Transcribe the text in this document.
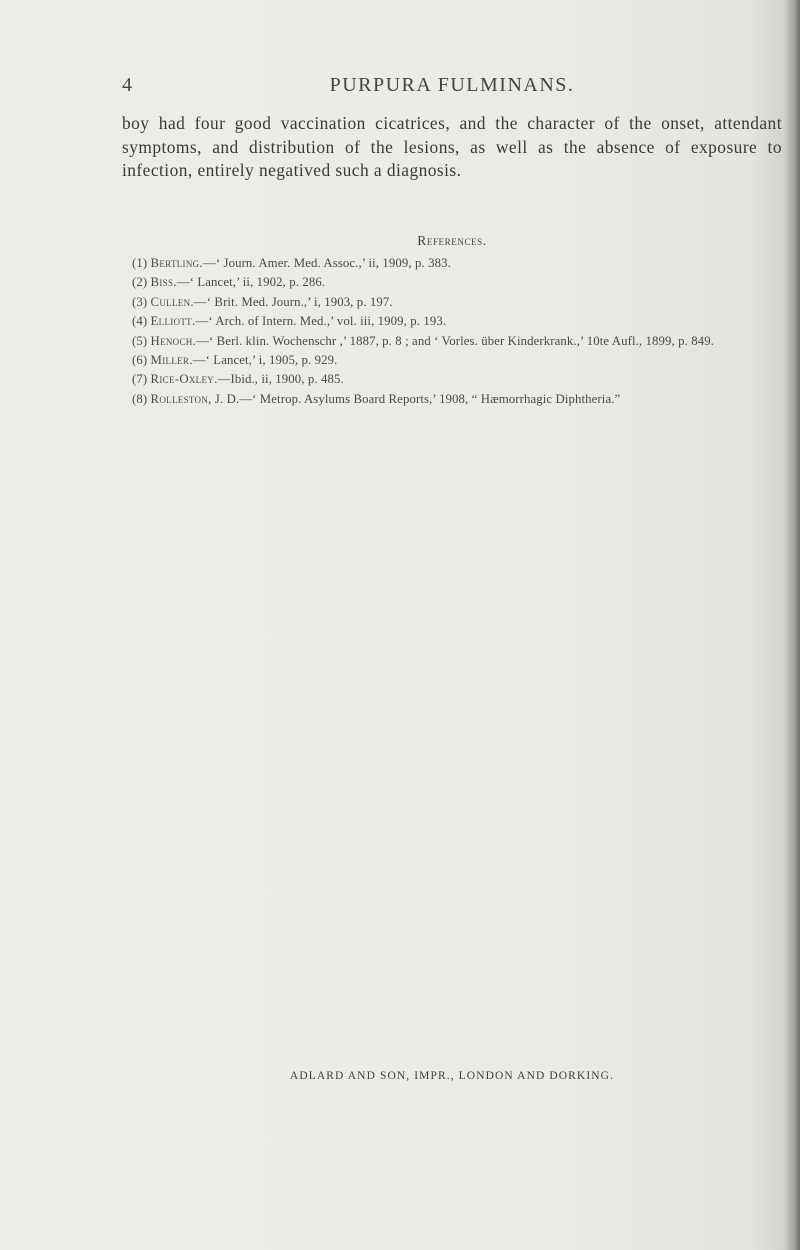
4	PURPURA FULMINANS.

boy had four good vaccination cicatrices, and the character of the onset, attendant symptoms, and distribution of the lesions, as well as the absence of exposure to infection, entirely negatived such a diagnosis.

References.

(1) Bertling.—‘ Journ. Amer. Med. Assoc.,’ ii, 1909, p. 383.

(2) Biss.—‘ Lancet,’ ii, 1902, p. 286.

(3) Cullen.—‘ Brit. Med. Journ.,’ i, 1903, p. 197.

(4) Elliott.—‘ Arch. of Intern. Med.,’ vol. iii, 1909, p. 193.

(5) Henoch.—‘ Berl. klin. Wochenschr ,’ 1887, p. 8 ; and ‘ Vorles. über Kinderkrank.,’ 10te Aufl., 1899, p. 849.

(6) Miller.—‘ Lancet,’ i, 1905, p. 929.

(7) Rice-Oxley.—Ibid., ii, 1900, p. 485.

(8) Rolleston, J. D.—‘ Metrop. Asylums Board Reports,’ 1908, “ Hæmorrhagic Diphtheria.”

ADLARD AND SON, IMPR., LONDON AND DORKING.
